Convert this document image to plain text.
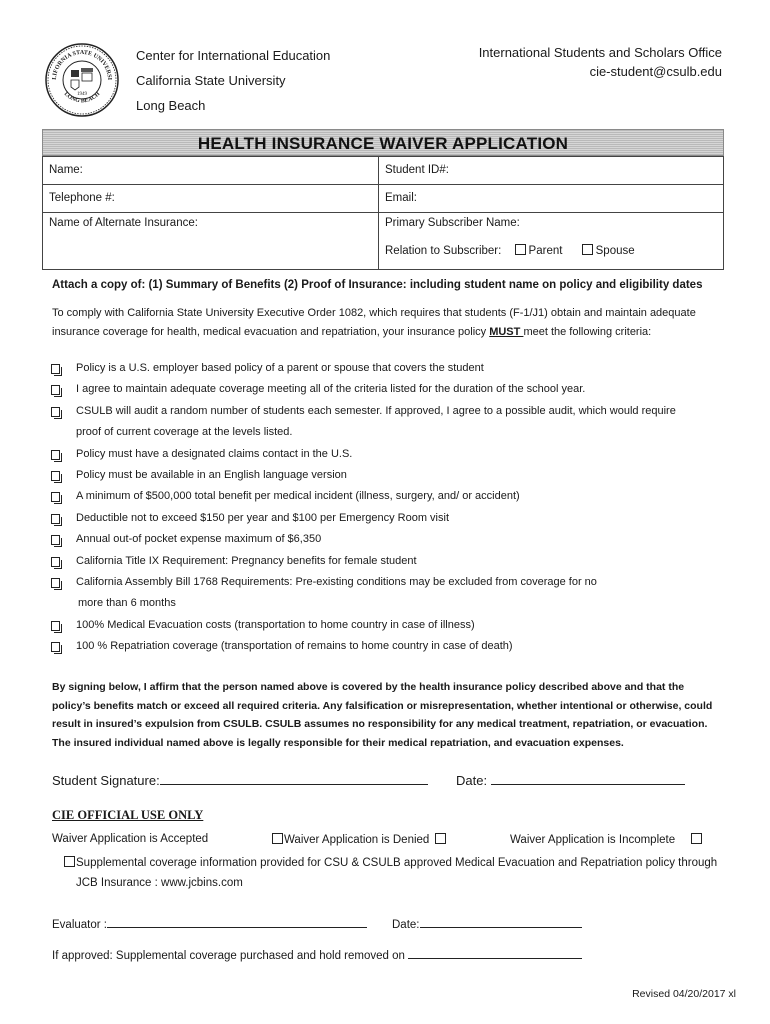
LIFORNIA STATE UNIVERSI
LONG BEACH
1949
Center for International Education
California State University
Long Beach
International Students and Scholars Office
cie-student@csulb.edu
HEALTH INSURANCE WAIVER APPLICATION
Name:	Student ID#:
Telephone #:	Email:

Name of Alternate Insurance:	Primary Subscriber Name:
Relation to Subscriber: Parent Spouse
Attach a copy of: (1) Summary of Benefits (2) Proof of Insurance: including student name on policy and eligibility dates
To comply with California State University Executive Order 1082, which requires that students (F-1/J1) obtain and maintain adequate insurance coverage for health, medical evacuation and repatriation, your insurance policy MUST meet the following criteria:
Policy is a U.S. employer based policy of a parent or spouse that covers the student
I agree to maintain adequate coverage meeting all of the criteria listed for the duration of the school year.
CSULB will audit a random number of students each semester. If approved, I agree to a possible audit, which would require
proof of current coverage at the levels listed.
Policy must have a designated claims contact in the U.S.
Policy must be available in an English language version
A minimum of $500,000 total benefit per medical incident (illness, surgery, and/ or accident)
Deductible not to exceed $150 per year and $100 per Emergency Room visit
Annual out-of pocket expense maximum of $6,350
California Title IX Requirement: Pregnancy benefits for female student
California Assembly Bill 1768 Requirements: Pre-existing conditions may be excluded from coverage for no
more than 6 months
100% Medical Evacuation costs (transportation to home country in case of illness)
100 % Repatriation coverage (transportation of remains to home country in case of death)
By signing below, I affirm that the person named above is covered by the health insurance policy described above and that the policy’s benefits match or exceed all required criteria. Any falsification or misrepresentation, whether intentional or otherwise, could result in insured’s expulsion from CSULB. CSULB assumes no responsibility for any medical treatment, repatriation, or evacuation. The insured individual named above is legally responsible for their medical repatriation, and evacuation expenses.
Student Signature:	Date:
CIE OFFICIAL USE ONLY
Waiver Application is Accepted	Waiver Application is Denied	Waiver Application is Incomplete
Supplemental coverage information provided for CSU & CSULB approved Medical Evacuation and Repatriation policy through
JCB Insurance : www.jcbins.com
Evaluator :	Date:
If approved: Supplemental coverage purchased and hold removed on
Revised 04/20/2017 xl
